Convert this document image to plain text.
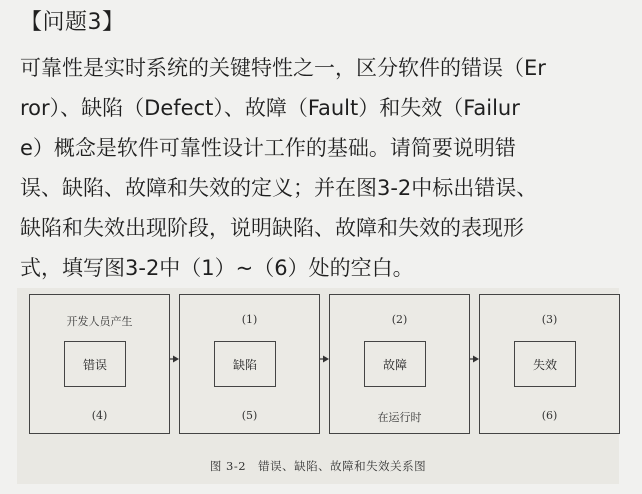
【问题3】
可靠性是实时系统的关键特性之一，区分软件的错误（Er
ror）、缺陷（Defect）、故障（Fault）和失效（Failur
e）概念是软件可靠性设计工作的基础。请简要说明错
误、缺陷、故障和失效的定义；并在图3-2中标出错误、
缺陷和失效出现阶段，说明缺陷、故障和失效的表现形
式，填写图3-2中（1）~（6）处的空白。
开发人员产生
错误
(4)
(1)
缺陷
(5)
(2)
故障
在运行时
(3)
失效
(6)
图 3-2　错误、缺陷、故障和失效关系图
